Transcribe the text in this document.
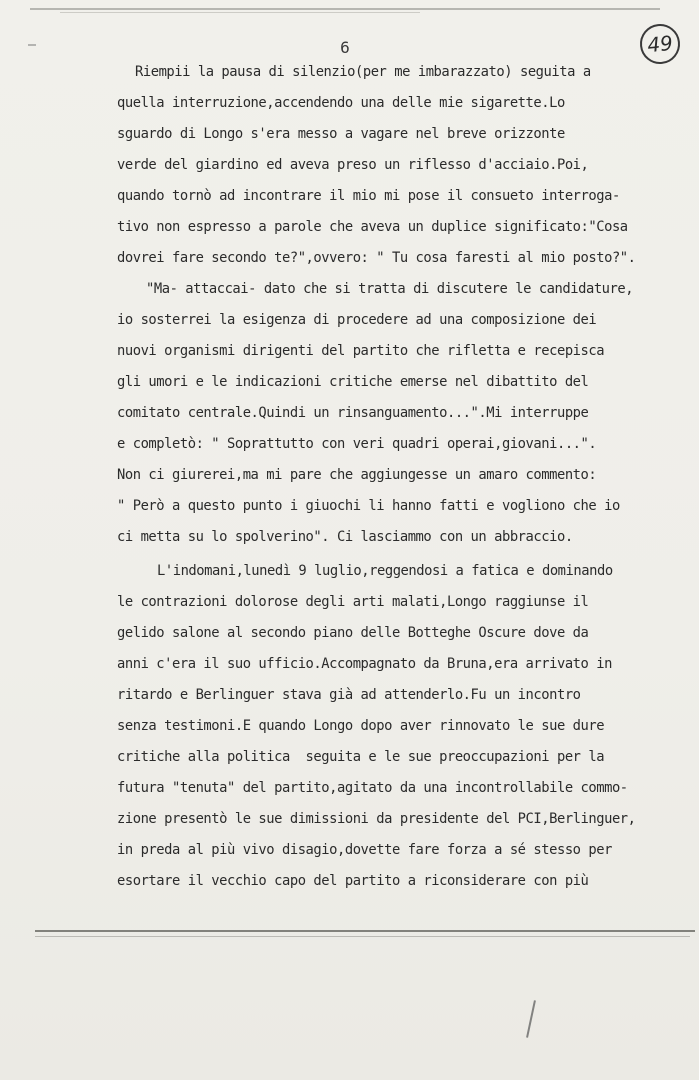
49
6
Riempii la pausa di silenzio(per me imbarazzato) seguita a
quella interruzione,accendendo una delle mie sigarette.Lo
sguardo di Longo s'era messo a vagare nel breve orizzonte
verde del giardino ed aveva preso un riflesso d'acciaio.Poi,
quando tornò ad incontrare il mio mi pose il consueto interroga-
tivo non espresso a parole che aveva un duplice significato:"Cosa
dovrei fare secondo te?",ovvero: " Tu cosa faresti al mio posto?".
"Ma- attaccai- dato che si tratta di discutere le candidature,
io sosterrei la esigenza di procedere ad una composizione dei
nuovi organismi dirigenti del partito che rifletta e recepisca
gli umori e le indicazioni critiche emerse nel dibattito del
comitato centrale.Quindi un rinsanguamento...".Mi interruppe
e completò: " Soprattutto con veri quadri operai,giovani...".
Non ci giurerei,ma mi pare che aggiungesse un amaro commento:
" Però a questo punto i giuochi li hanno fatti e vogliono che io
ci metta su lo spolverino". Ci lasciammo con un abbraccio.
L'indomani,lunedì 9 luglio,reggendosi a fatica e dominando
le contrazioni dolorose degli arti malati,Longo raggiunse il
gelido salone al secondo piano delle Botteghe Oscure dove da
anni c'era il suo ufficio.Accompagnato da Bruna,era arrivato in
ritardo e Berlinguer stava già ad attenderlo.Fu un incontro
senza testimoni.E quando Longo dopo aver rinnovato le sue dure
critiche alla politica  seguita e le sue preoccupazioni per la
futura "tenuta" del partito,agitato da una incontrollabile commo-
zione presentò le sue dimissioni da presidente del PCI,Berlinguer,
in preda al più vivo disagio,dovette fare forza a sé stesso per
esortare il vecchio capo del partito a riconsiderare con più
